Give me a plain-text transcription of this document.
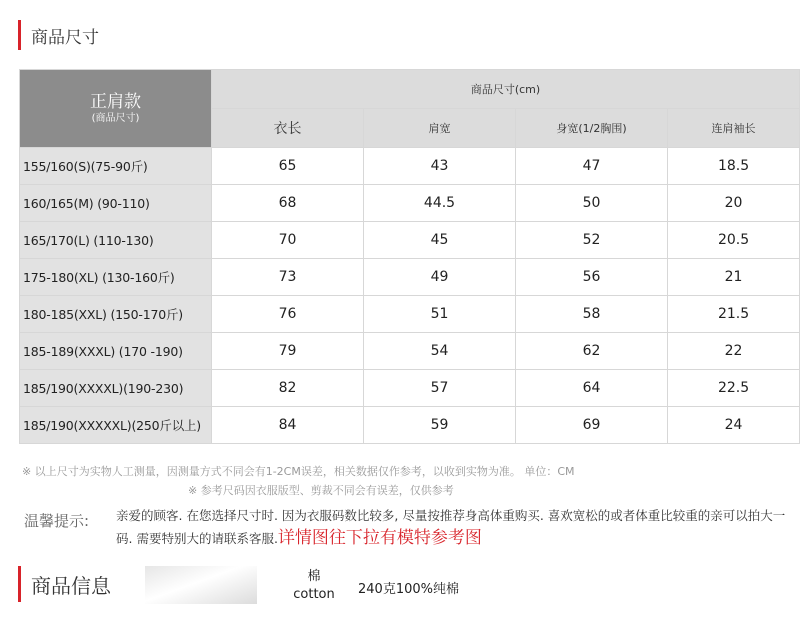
商品尺寸
正肩款
(商品尺寸)	商品尺寸(cm)			
	衣长	肩宽	身宽(1/2胸围)	连肩袖长
155/160(S)(75-90斤)	65	43	47	18.5
160/165(M) (90-110)	68	44.5	50	20
165/170(L) (110-130)	70	45	52	20.5
175-180(XL) (130-160斤)	73	49	56	21
180-185(XXL) (150-170斤)	76	51	58	21.5
185-189(XXXL) (170 -190)	79	54	62	22
185/190(XXXXL)(190-230)	82	57	64	22.5
185/190(XXXXXL)(250斤以上)	84	59	69	24
※ 以上尺寸为实物人工测量，因测量方式不同会有1-2CM误差，相关数据仅作参考，以收到实物为准。 单位：CM
※ 参考尺码因衣服版型、剪裁不同会有误差，仅供参考
温馨提示: 亲爱的顾客. 在您选择尺寸时. 因为衣服码数比较多, 尽量按推荐身高体重购买. 喜欢宽松的或者体重比较重的亲可以拍大一码. 需要特别大的请联系客服.详情图往下拉有模特参考图
商品信息	棉
cotton 240克100%纯棉
